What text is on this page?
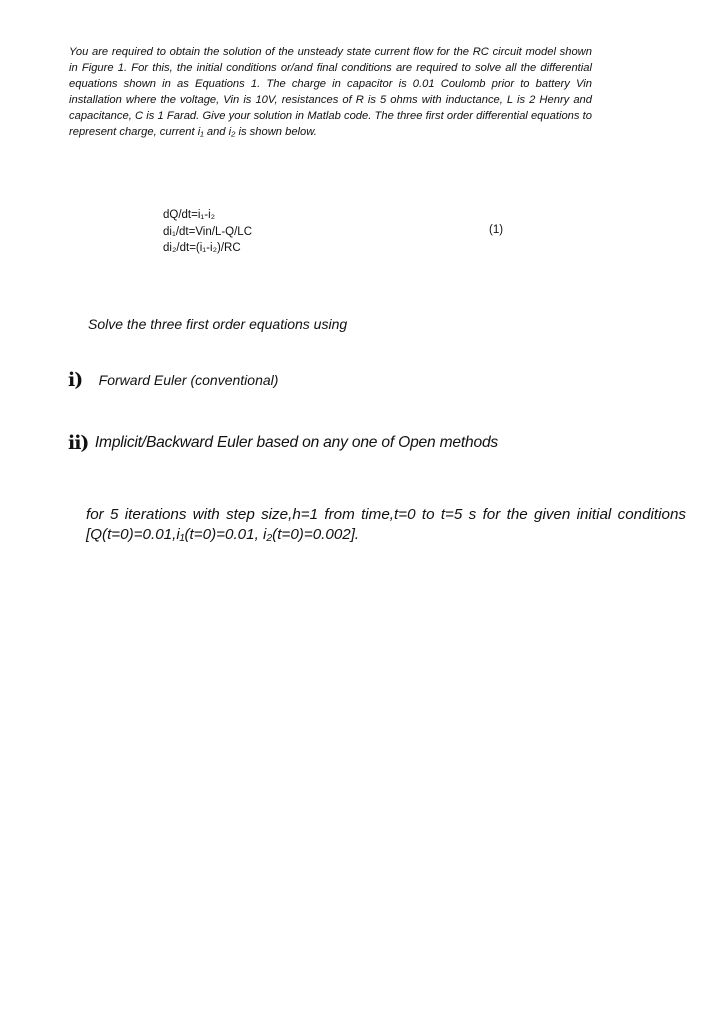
You are required to obtain the solution of the unsteady state current flow for the RC circuit model shown in Figure 1. For this, the initial conditions or/and final conditions are required to solve all the differential equations shown in as Equations 1. The charge in capacitor is 0.01 Coulomb prior to battery Vin installation where the voltage, Vin is 10V, resistances of R is 5 ohms with inductance, L is 2 Henry and capacitance, C is 1 Farad. Give your solution in Matlab code. The three first order differential equations to represent charge, current i₁ and i₂ is shown below.

dQ/dt=i₁-i₂
di₁/dt=Vin/L-Q/LC
di₂/dt=(i₁-i₂)/RC
(1)

Solve the three first order equations using

i) Forward Euler (conventional)
ii) Implicit/Backward Euler based on any one of Open methods

for 5 iterations with step size,h=1 from time,t=0 to t=5 s for the given initial conditions [Q(t=0)=0.01,i₁(t=0)=0.01, i₂(t=0)=0.002].
